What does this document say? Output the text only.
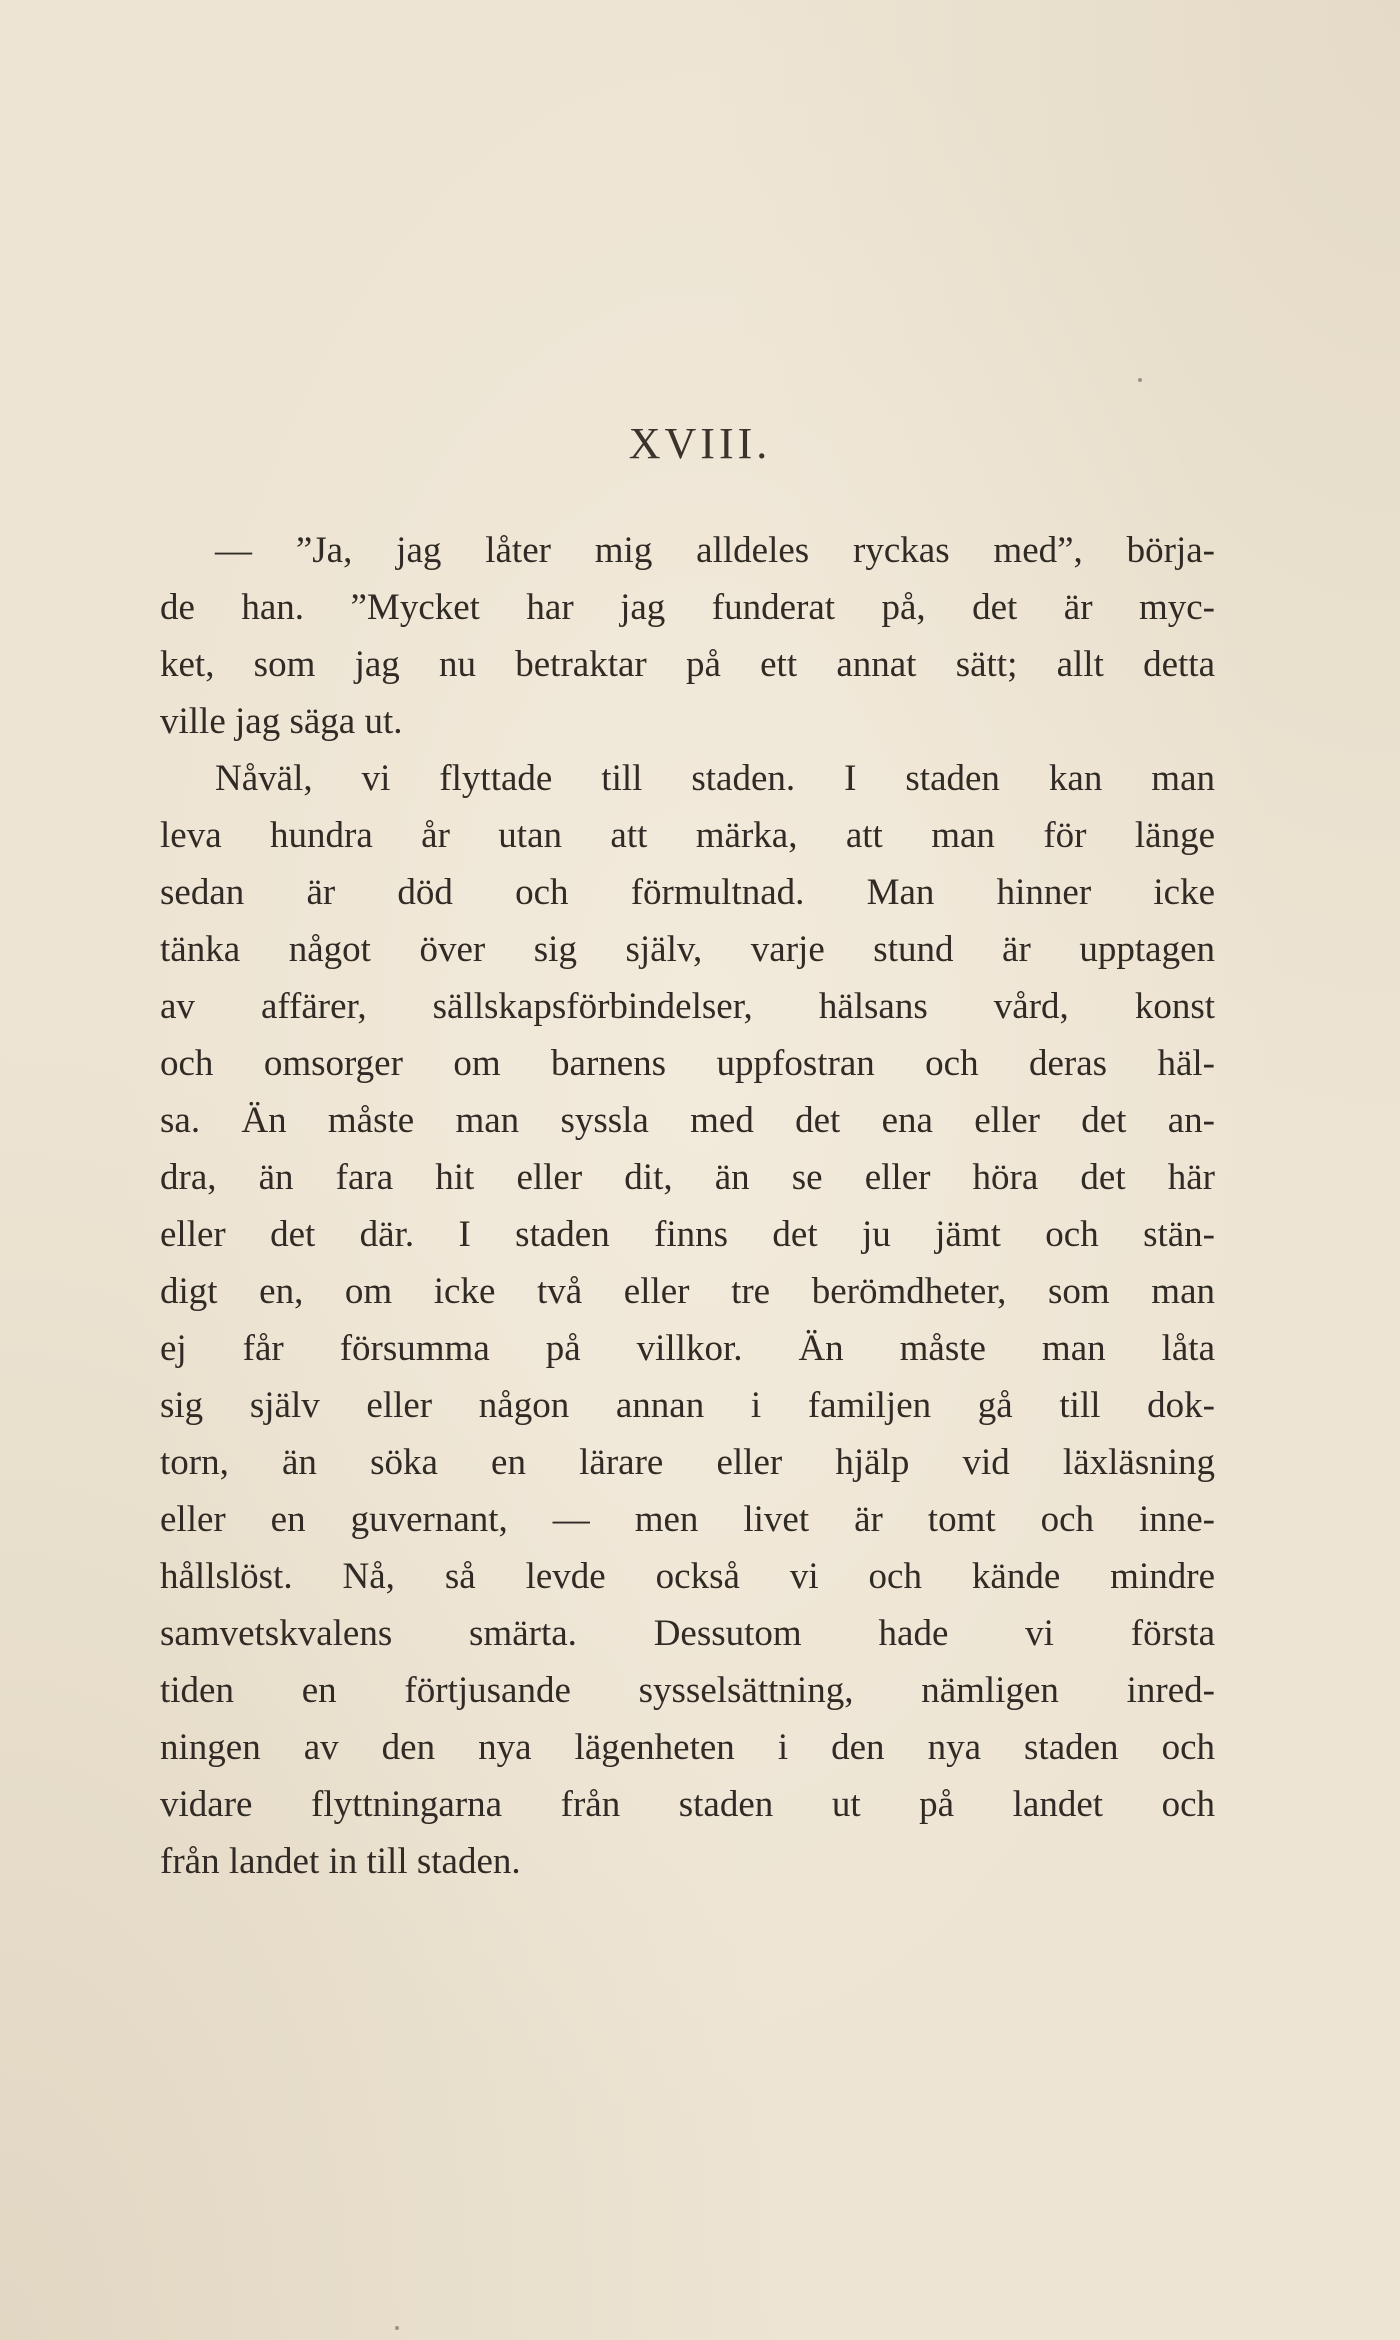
XVIII.
— ”Ja, jag låter mig alldeles ryckas med”, börja-
de han. ”Mycket har jag funderat på, det är myc-
ket, som jag nu betraktar på ett annat sätt; allt detta
ville jag säga ut.
Nåväl, vi flyttade till staden. I staden kan man
leva hundra år utan att märka, att man för länge
sedan är död och förmultnad. Man hinner icke
tänka något över sig själv, varje stund är upptagen
av affärer, sällskapsförbindelser, hälsans vård, konst
och omsorger om barnens uppfostran och deras häl-
sa. Än måste man syssla med det ena eller det an-
dra, än fara hit eller dit, än se eller höra det här
eller det där. I staden finns det ju jämt och stän-
digt en, om icke två eller tre berömdheter, som man
ej får försumma på villkor. Än måste man låta
sig själv eller någon annan i familjen gå till dok-
torn, än söka en lärare eller hjälp vid läxläsning
eller en guvernant, — men livet är tomt och inne-
hållslöst. Nå, så levde också vi och kände mindre
samvetskvalens smärta. Dessutom hade vi första
tiden en förtjusande sysselsättning, nämligen inred-
ningen av den nya lägenheten i den nya staden och
vidare flyttningarna från staden ut på landet och
från landet in till staden.
